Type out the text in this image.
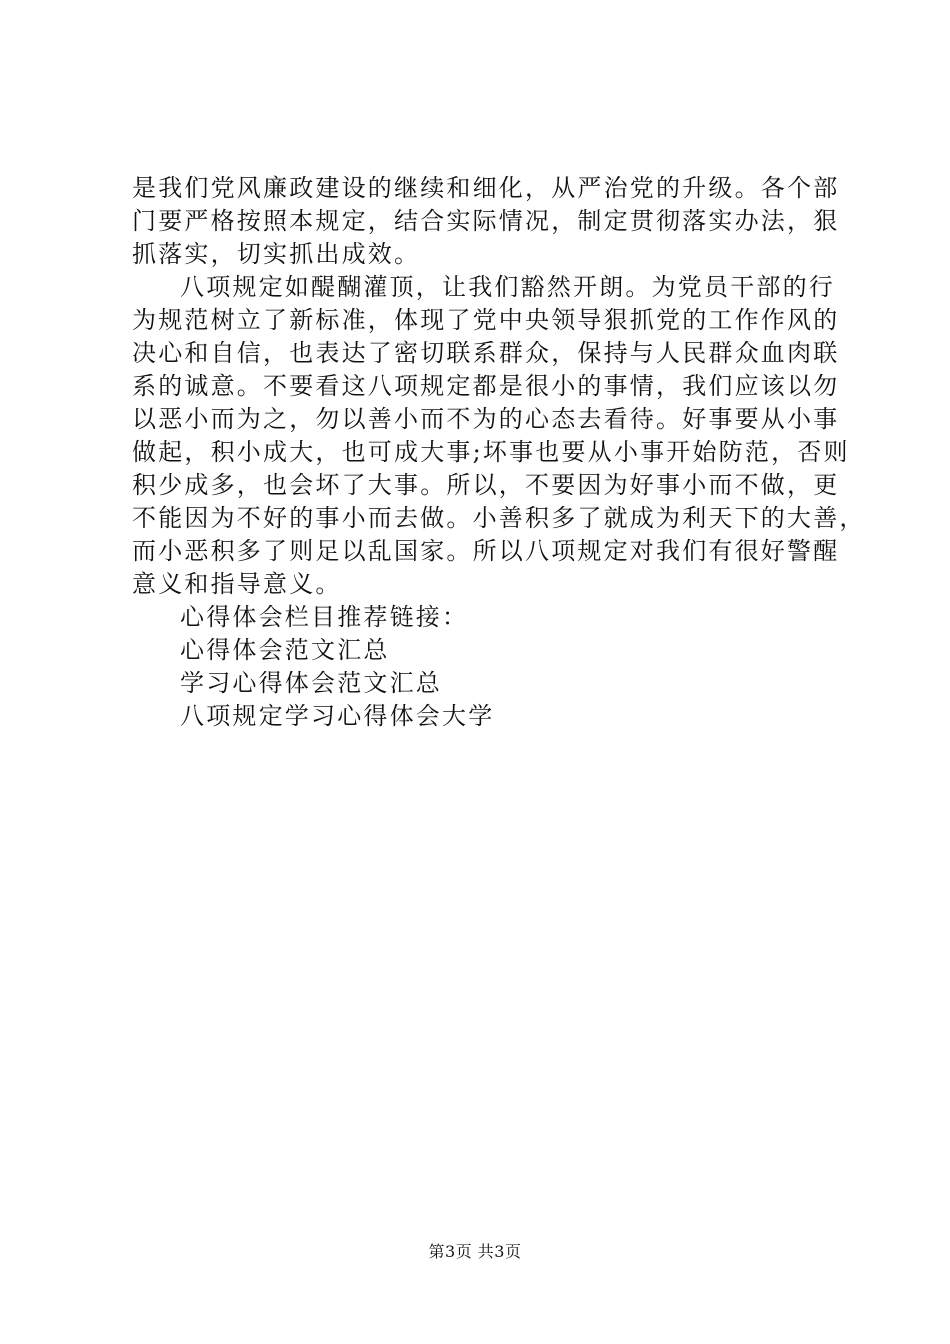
是我们党风廉政建设的继续和细化，从严治党的升级。各个部
门要严格按照本规定，结合实际情况，制定贯彻落实办法，狠
抓落实，切实抓出成效。
八项规定如醍醐灌顶，让我们豁然开朗。为党员干部的行
为规范树立了新标准，体现了党中央领导狠抓党的工作作风的
决心和自信，也表达了密切联系群众，保持与人民群众血肉联
系的诚意。不要看这八项规定都是很小的事情，我们应该以勿
以恶小而为之，勿以善小而不为的心态去看待。好事要从小事
做起，积小成大，也可成大事;坏事也要从小事开始防范，否则
积少成多，也会坏了大事。所以，不要因为好事小而不做，更
不能因为不好的事小而去做。小善积多了就成为利天下的大善，
而小恶积多了则足以乱国家。所以八项规定对我们有很好警醒
意义和指导意义。
心得体会栏目推荐链接：
心得体会范文汇总
学习心得体会范文汇总
八项规定学习心得体会大学
第3页 共3页
